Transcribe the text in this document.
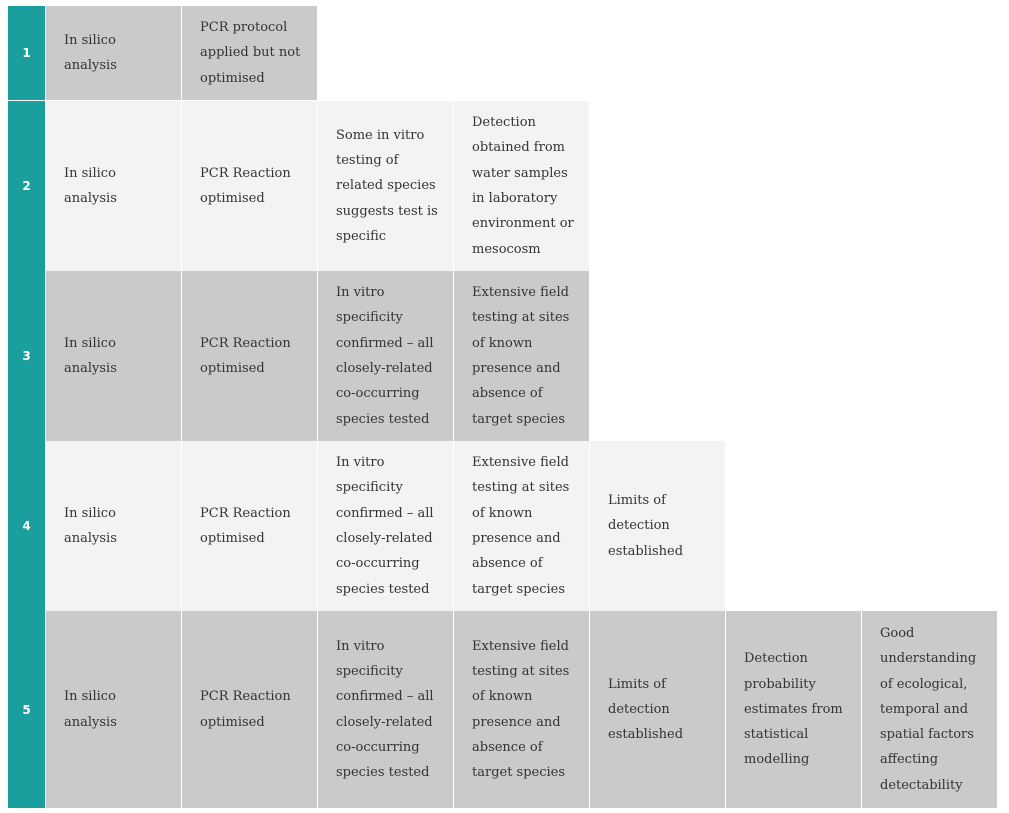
1
In silico analysis
PCR protocol applied but not optimised
2
In silico analysis
PCR Reaction optimised
Some in vitro testing of related species suggests test is specific
Detection obtained from water samples in laboratory environment or mesocosm
3
In silico analysis
PCR Reaction optimised
In vitro specificity confirmed – all closely-related co-occurring species tested
Extensive field testing at sites of known presence and absence of target species
4
In silico analysis
PCR Reaction optimised
In vitro specificity confirmed – all closely-related co-occurring species tested
Extensive field testing at sites of known presence and absence of target species
Limits of detection established
5
In silico analysis
PCR Reaction optimised
In vitro specificity confirmed – all closely-related co-occurring species tested
Extensive field testing at sites of known presence and absence of target species
Limits of detection established
Detection probability estimates from statistical modelling
Good understanding of ecological, temporal and spatial factors affecting detectability
